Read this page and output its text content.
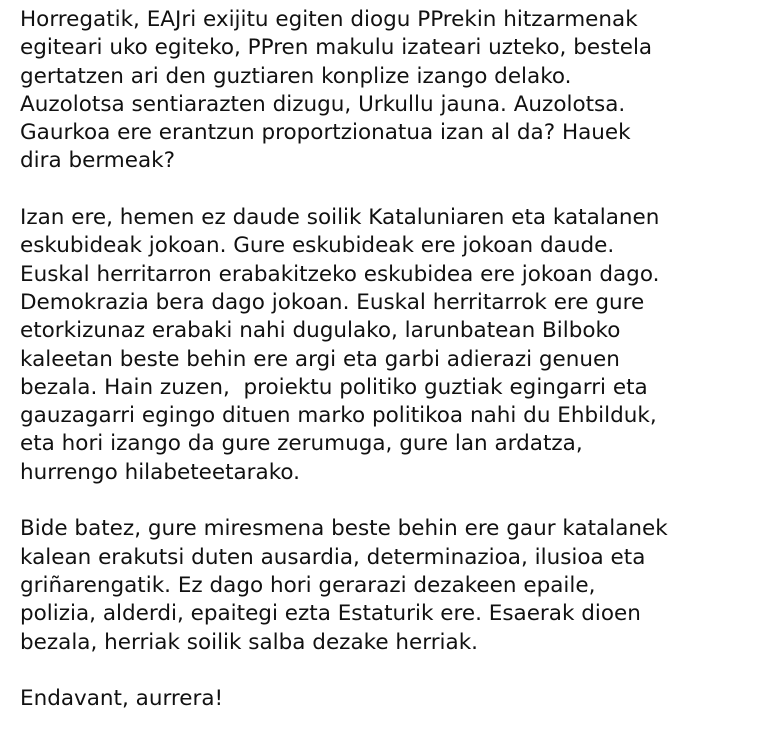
Horregatik, EAJri exijitu egiten diogu PPrekin hitzarmenak
egiteari uko egiteko, PPren makulu izateari uzteko, bestela
gertatzen ari den guztiaren konplize izango delako.
Auzolotsa sentiarazten dizugu, Urkullu jauna. Auzolotsa.
Gaurkoa ere erantzun proportzionatua izan al da? Hauek
dira bermeak?

Izan ere, hemen ez daude soilik Kataluniaren eta katalanen
eskubideak jokoan. Gure eskubideak ere jokoan daude.
Euskal herritarron erabakitzeko eskubidea ere jokoan dago.
Demokrazia bera dago jokoan. Euskal herritarrok ere gure
etorkizunaz erabaki nahi dugulako, larunbatean Bilboko
kaleetan beste behin ere argi eta garbi adierazi genuen
bezala. Hain zuzen,  proiektu politiko guztiak egingarri eta
gauzagarri egingo dituen marko politikoa nahi du Ehbilduk,
eta hori izango da gure zerumuga, gure lan ardatza,
hurrengo hilabeteetarako.

Bide batez, gure miresmena beste behin ere gaur katalanek
kalean erakutsi duten ausardia, determinazioa, ilusioa eta
griñarengatik. Ez dago hori gerarazi dezakeen epaile,
polizia, alderdi, epaitegi ezta Estaturik ere. Esaerak dioen
bezala, herriak soilik salba dezake herriak.

Endavant, aurrera!
